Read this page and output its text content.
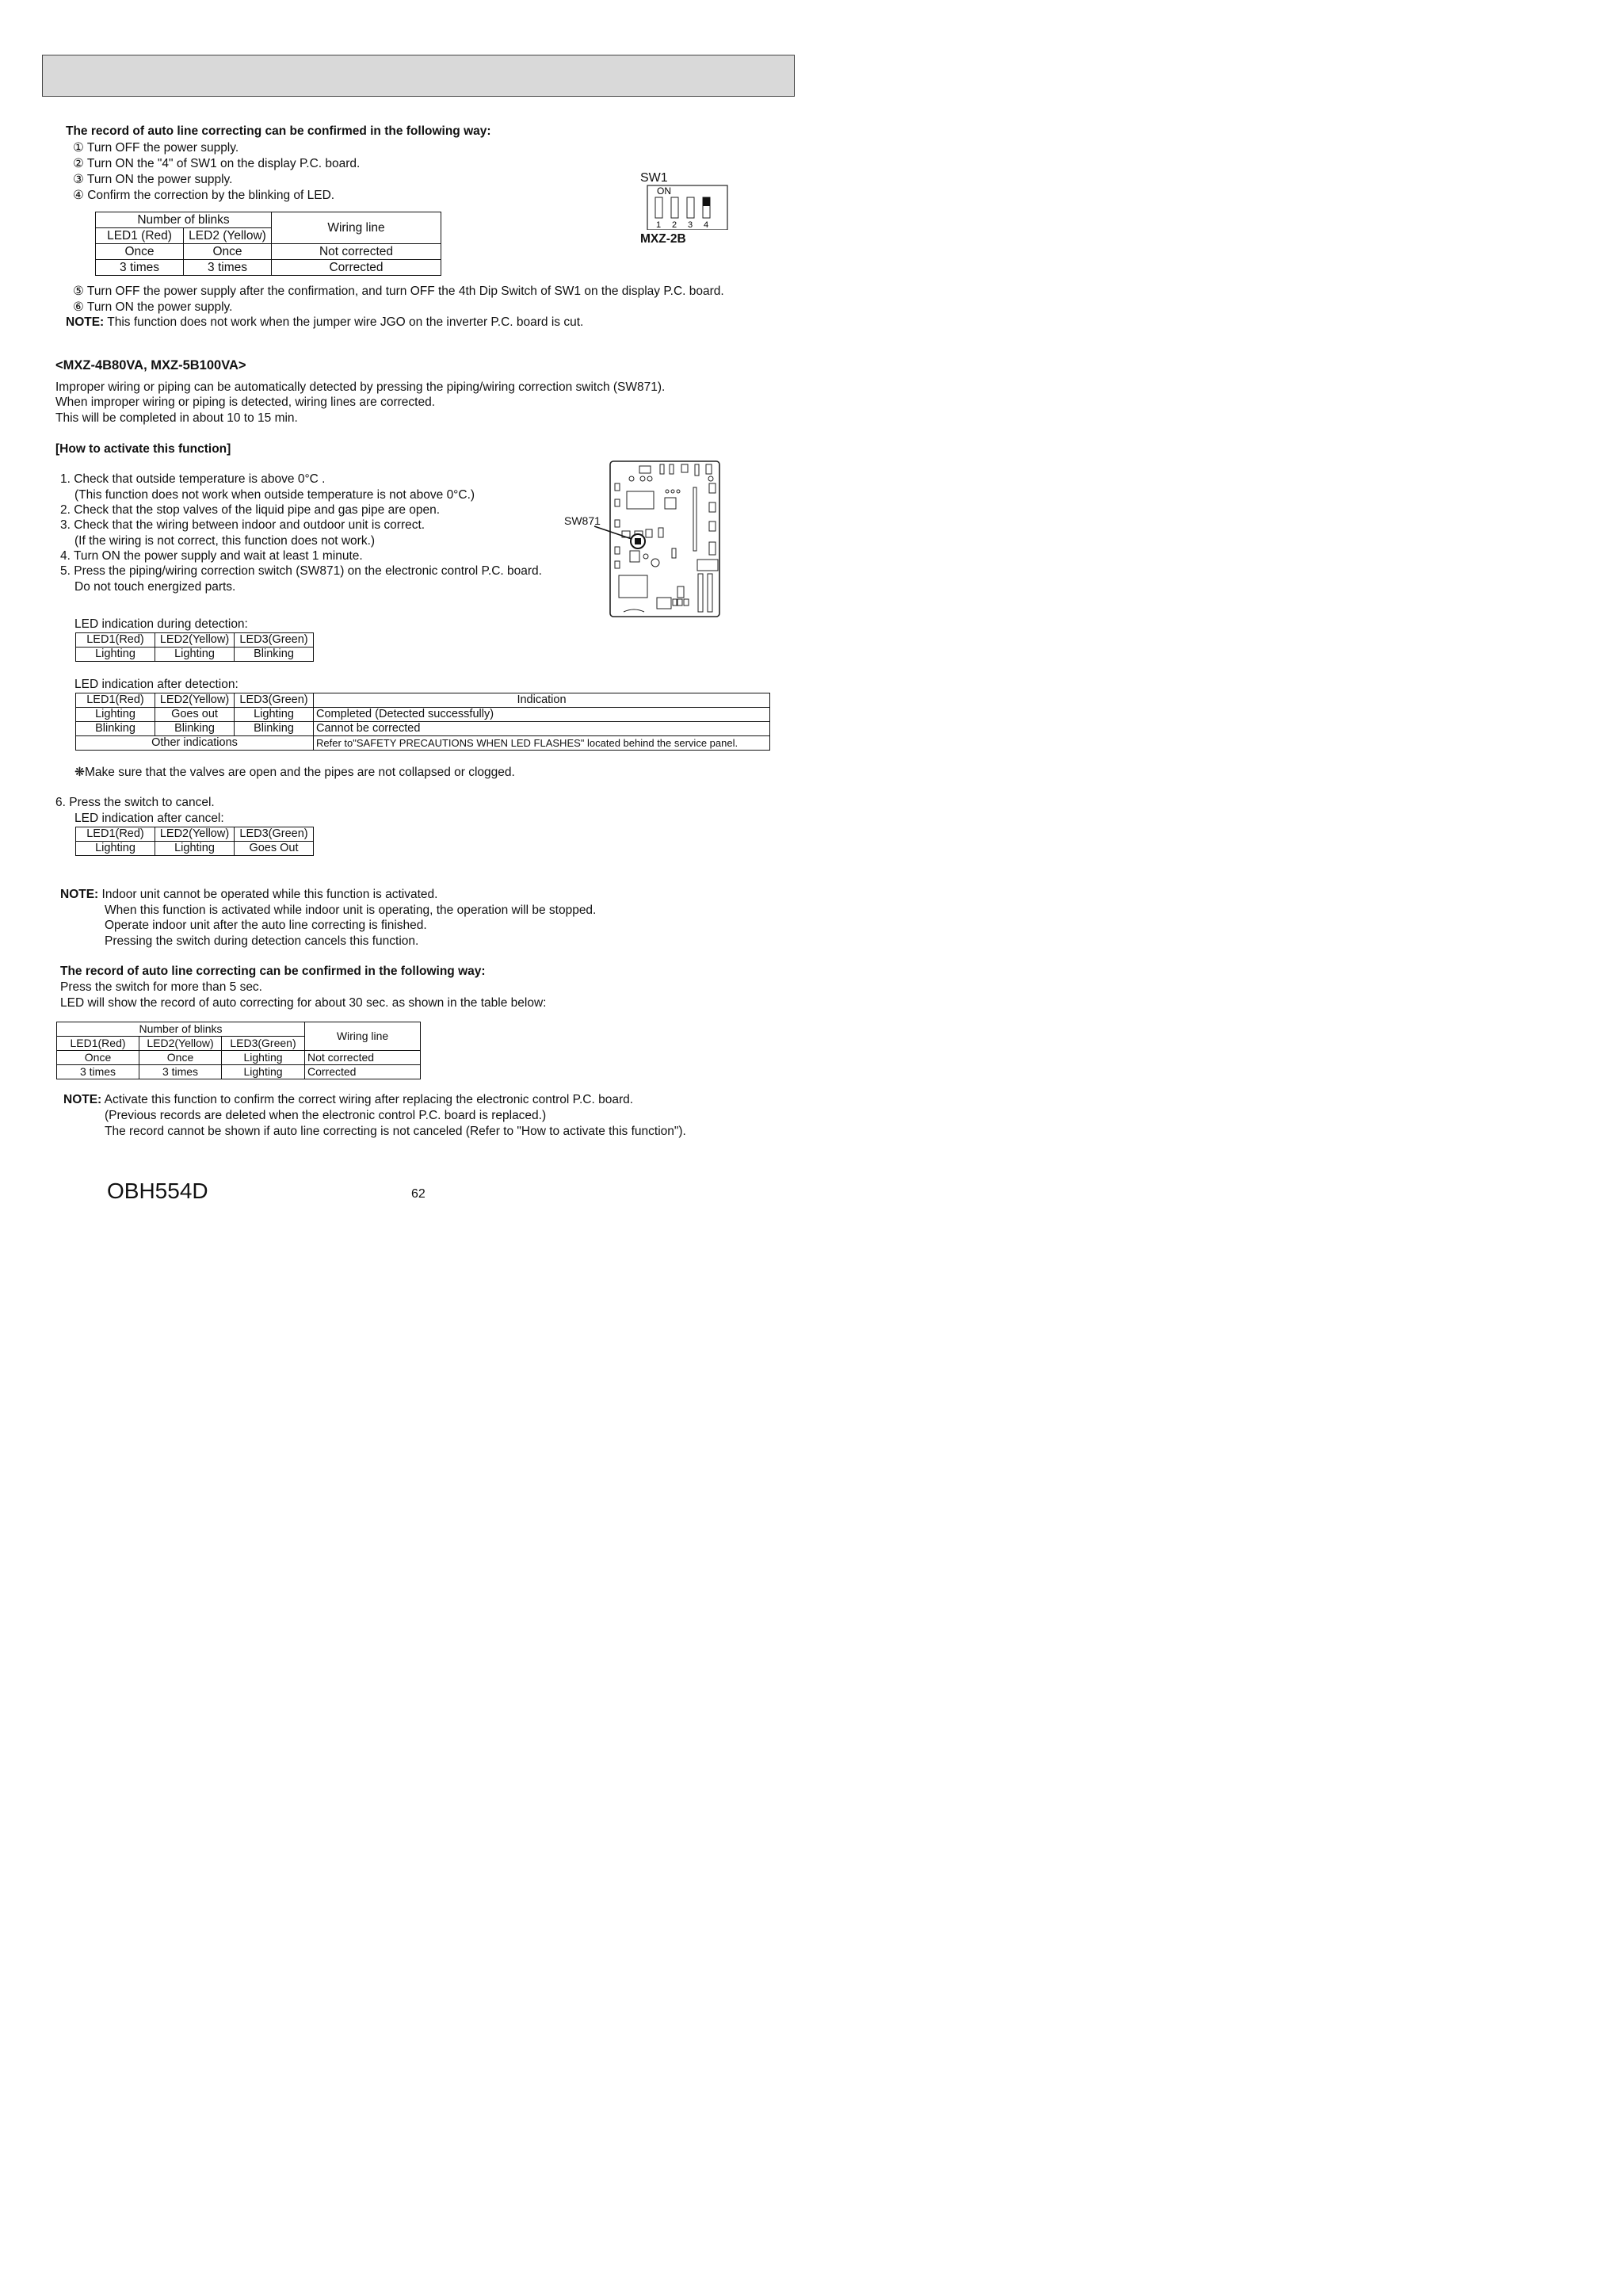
The record of auto line correcting can be confirmed in the following way:
① Turn OFF the power supply.
② Turn ON the "4" of SW1 on the display P.C. board.
③ Turn ON the power supply.
④ Confirm the correction by the blinking of LED.
Number of blinks		Wiring line
LED1 (Red)	LED2 (Yellow)	
Once	Once	Not corrected
3 times	3 times	Corrected
SW1
ON
1 2 3 4
MXZ-2B
⑤ Turn OFF the power supply after the confirmation, and turn OFF the 4th Dip Switch of SW1 on the display P.C. board.
⑥ Turn ON the power supply.
NOTE: This function does not work when the jumper wire JGO on the inverter P.C. board is cut.
<MXZ-4B80VA, MXZ-5B100VA>
Improper wiring or piping can be automatically detected by pressing the piping/wiring correction switch (SW871).
When improper wiring or piping is detected, wiring lines are corrected.
This will be completed in about 10 to 15 min.
[How to activate this function]
1. Check that outside temperature is above 0°C .
(This function does not work when outside temperature is not above 0°C.)
2. Check that the stop valves of the liquid pipe and gas pipe are open.
3. Check that the wiring between indoor and outdoor unit is correct.
(If the wiring is not correct, this function does not work.)
4. Turn ON the power supply and wait at least 1 minute.
5. Press the piping/wiring correction switch (SW871) on the electronic control P.C. board.
Do not touch energized parts.
SW871
LED indication during detection:
LED1(Red)	LED2(Yellow)	LED3(Green)
Lighting	Lighting	Blinking
LED indication after detection:
LED1(Red)	LED2(Yellow)	LED3(Green)	Indication
Lighting	Goes out	Lighting	Completed (Detected successfully)
Blinking	Blinking	Blinking	Cannot be corrected
Other indications			Refer to"SAFETY PRECAUTIONS WHEN LED FLASHES" located behind the service panel.
❋Make sure that the valves are open and the pipes are not collapsed or clogged.
6. Press the switch to cancel.
LED indication after cancel:
LED1(Red)	LED2(Yellow)	LED3(Green)
Lighting	Lighting	Goes Out
NOTE: Indoor unit cannot be operated while this function is activated.
When this function is activated while indoor unit is operating, the operation will be stopped.
Operate indoor unit after the auto line correcting is finished.
Pressing the switch during detection cancels this function.
The record of auto line correcting can be confirmed in the following way:
Press the switch for more than 5 sec.
LED will show the record of auto correcting for about 30 sec. as shown in the table below:
Number of blinks			Wiring line
LED1(Red)	LED2(Yellow)	LED3(Green)	
Once	Once	Lighting	Not corrected
3 times	3 times	Lighting	Corrected
NOTE: Activate this function to confirm the correct wiring after replacing the electronic control P.C. board.
(Previous records are deleted when the electronic control P.C. board is replaced.)
The record cannot be shown if auto line correcting is not canceled (Refer to "How to activate this function").
OBH554D	62
